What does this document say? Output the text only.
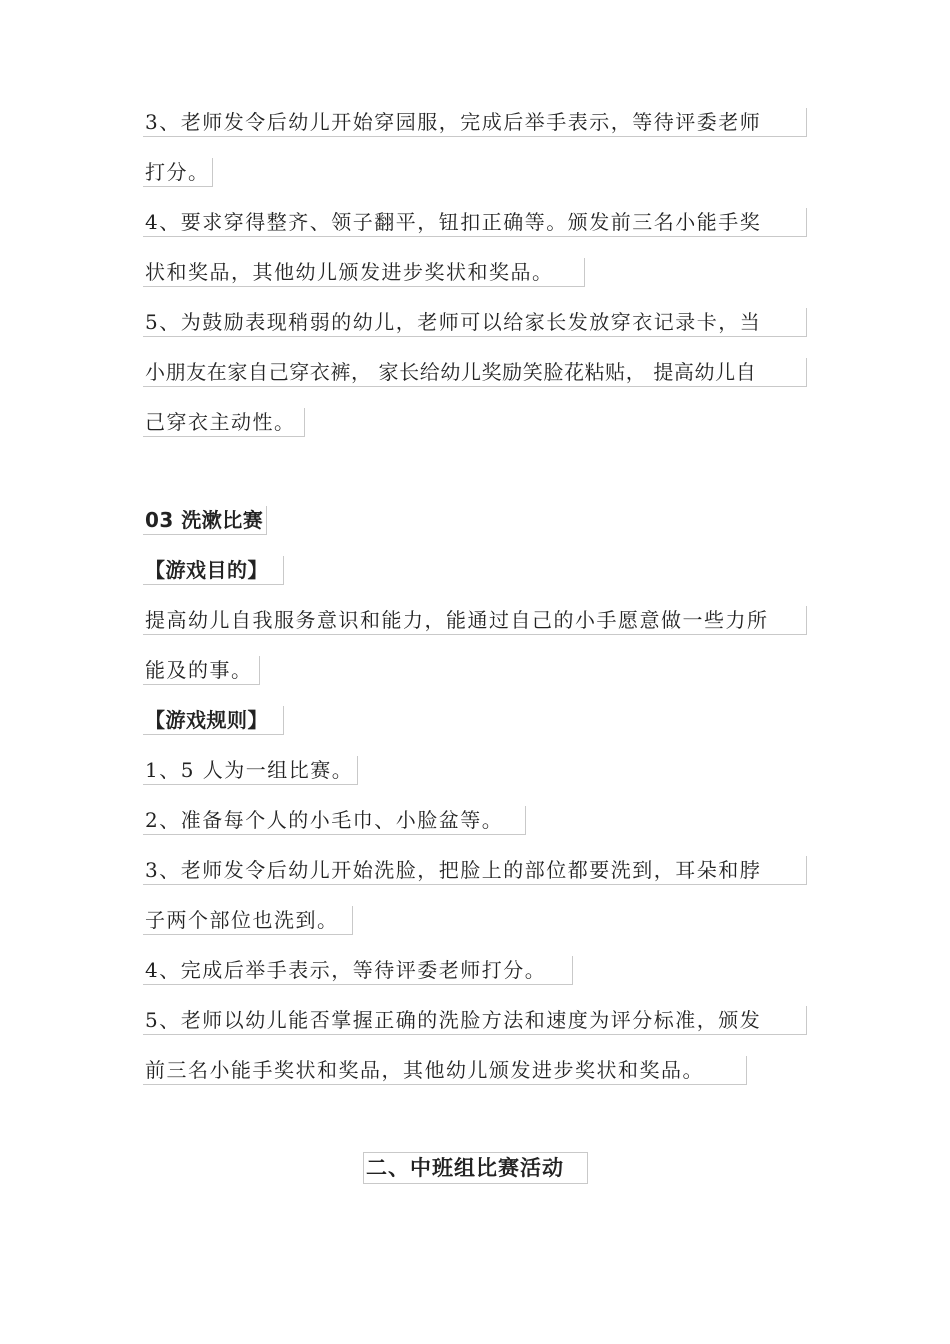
3、老师发令后幼儿开始穿园服，完成后举手表示，等待评委老师
打分。
4、要求穿得整齐、领子翻平，钮扣正确等。颁发前三名小能手奖
状和奖品，其他幼儿颁发进步奖状和奖品。
5、为鼓励表现稍弱的幼儿，老师可以给家长发放穿衣记录卡，当
小朋友在家自己穿衣裤， 家长给幼儿奖励笑脸花粘贴， 提高幼儿自
己穿衣主动性。
03 洗漱比赛
【游戏目的】
提高幼儿自我服务意识和能力，能通过自己的小手愿意做一些力所
能及的事。
【游戏规则】
1、5 人为一组比赛。
2、准备每个人的小毛巾、小脸盆等。
3、老师发令后幼儿开始洗脸，把脸上的部位都要洗到，耳朵和脖
子两个部位也洗到。
4、完成后举手表示，等待评委老师打分。
5、老师以幼儿能否掌握正确的洗脸方法和速度为评分标准，颁发
前三名小能手奖状和奖品，其他幼儿颁发进步奖状和奖品。
二、中班组比赛活动
